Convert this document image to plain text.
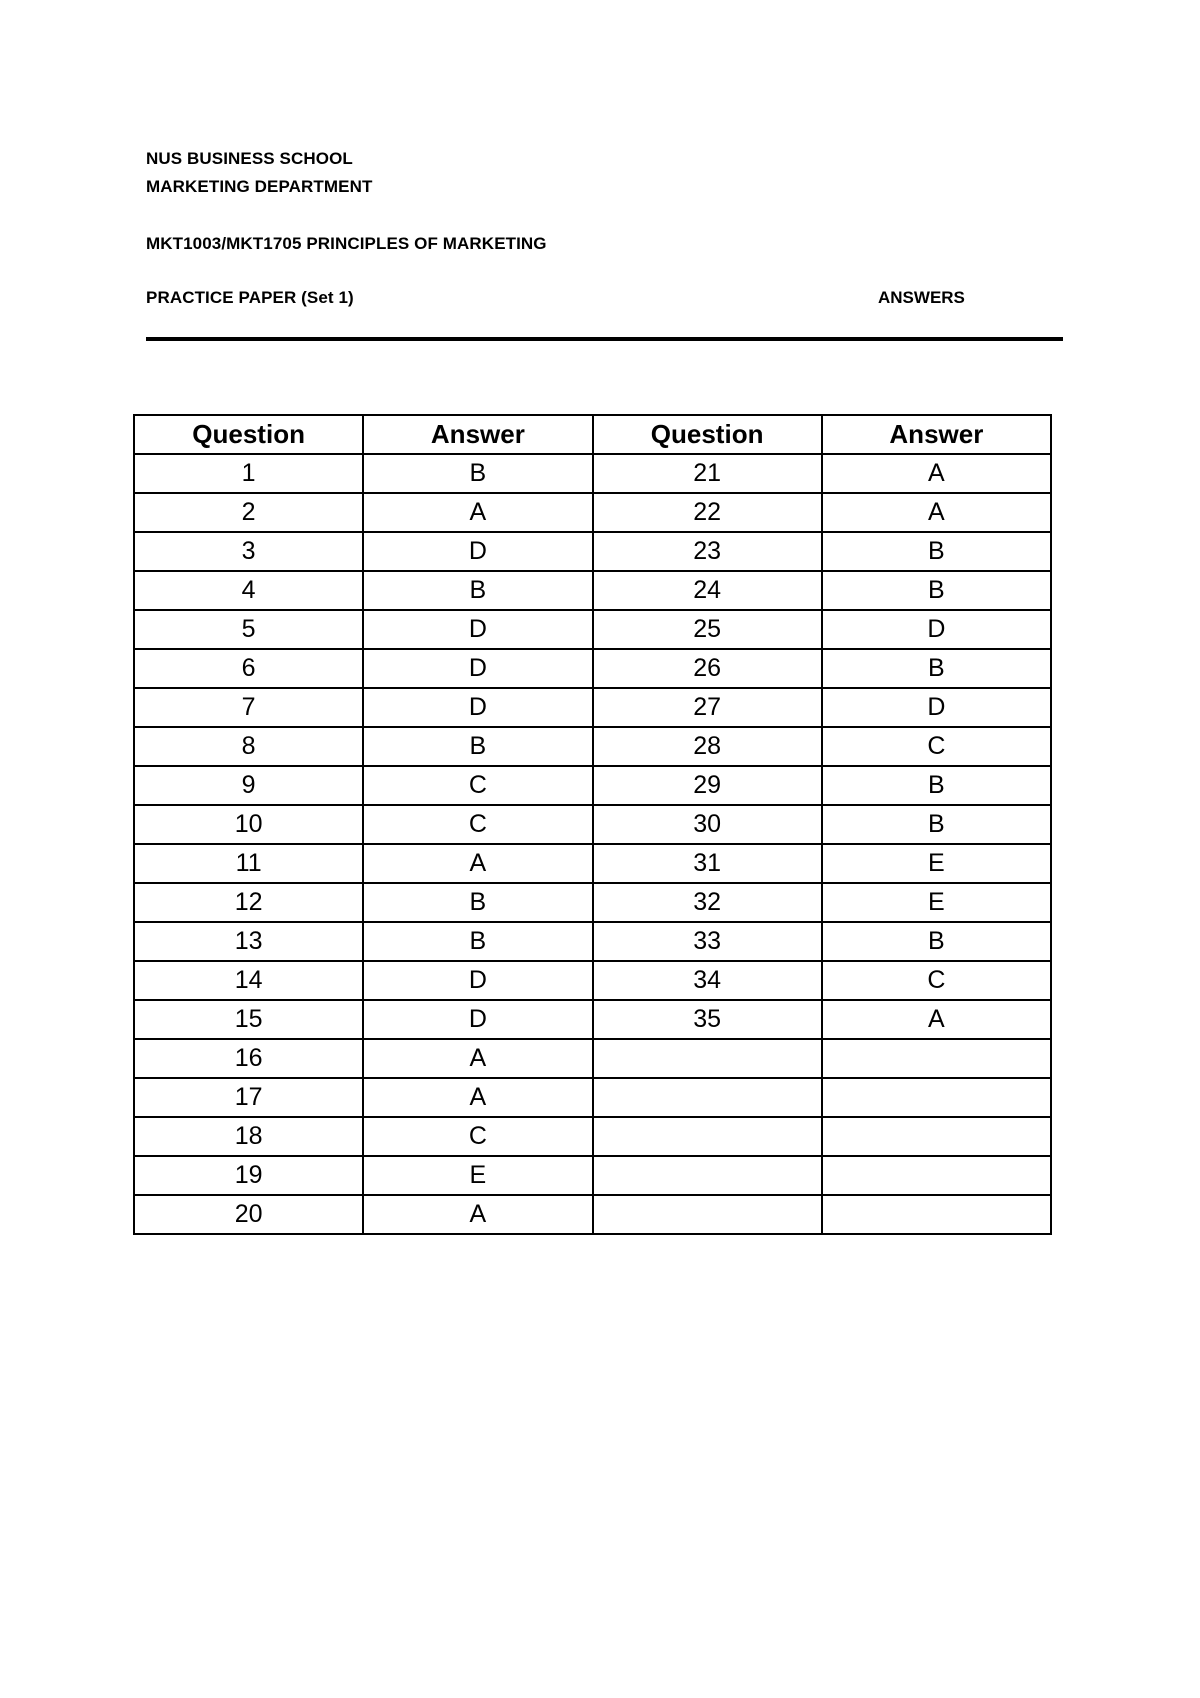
NUS BUSINESS SCHOOL
MARKETING DEPARTMENT
MKT1003/MKT1705 PRINCIPLES OF MARKETING
PRACTICE PAPER (Set 1)	ANSWERS
Question	Answer	Question	Answer
1	B	21	A
2	A	22	A
3	D	23	B
4	B	24	B
5	D	25	D
6	D	26	B
7	D	27	D
8	B	28	C
9	C	29	B
10	C	30	B
11	A	31	E
12	B	32	E
13	B	33	B
14	D	34	C
15	D	35	A
16	A		
17	A		
18	C		
19	E		
20	A		
